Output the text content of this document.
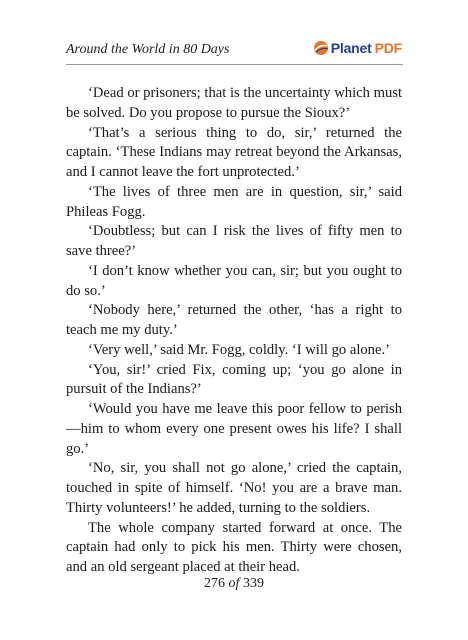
Around the World in 80 Days	Planet PDF

‘Dead or prisoners; that is the uncertainty which must be solved. Do you propose to pursue the Sioux?’

‘That’s a serious thing to do, sir,’ returned the captain. ‘These Indians may retreat beyond the Arkansas, and I cannot leave the fort unprotected.’

‘The lives of three men are in question, sir,’ said Phileas Fogg.

‘Doubtless; but can I risk the lives of fifty men to save three?’

‘I don’t know whether you can, sir; but you ought to do so.’

‘Nobody here,’ returned the other, ‘has a right to teach me my duty.’

‘Very well,’ said Mr. Fogg, coldly. ‘I will go alone.’

‘You, sir!’ cried Fix, coming up; ‘you go alone in pursuit of the Indians?’

‘Would you have me leave this poor fellow to perish—him to whom every one present owes his life? I shall go.’

‘No, sir, you shall not go alone,’ cried the captain, touched in spite of himself. ‘No! you are a brave man. Thirty volunteers!’ he added, turning to the soldiers.

The whole company started forward at once. The captain had only to pick his men. Thirty were chosen, and an old sergeant placed at their head.

276 of 339
